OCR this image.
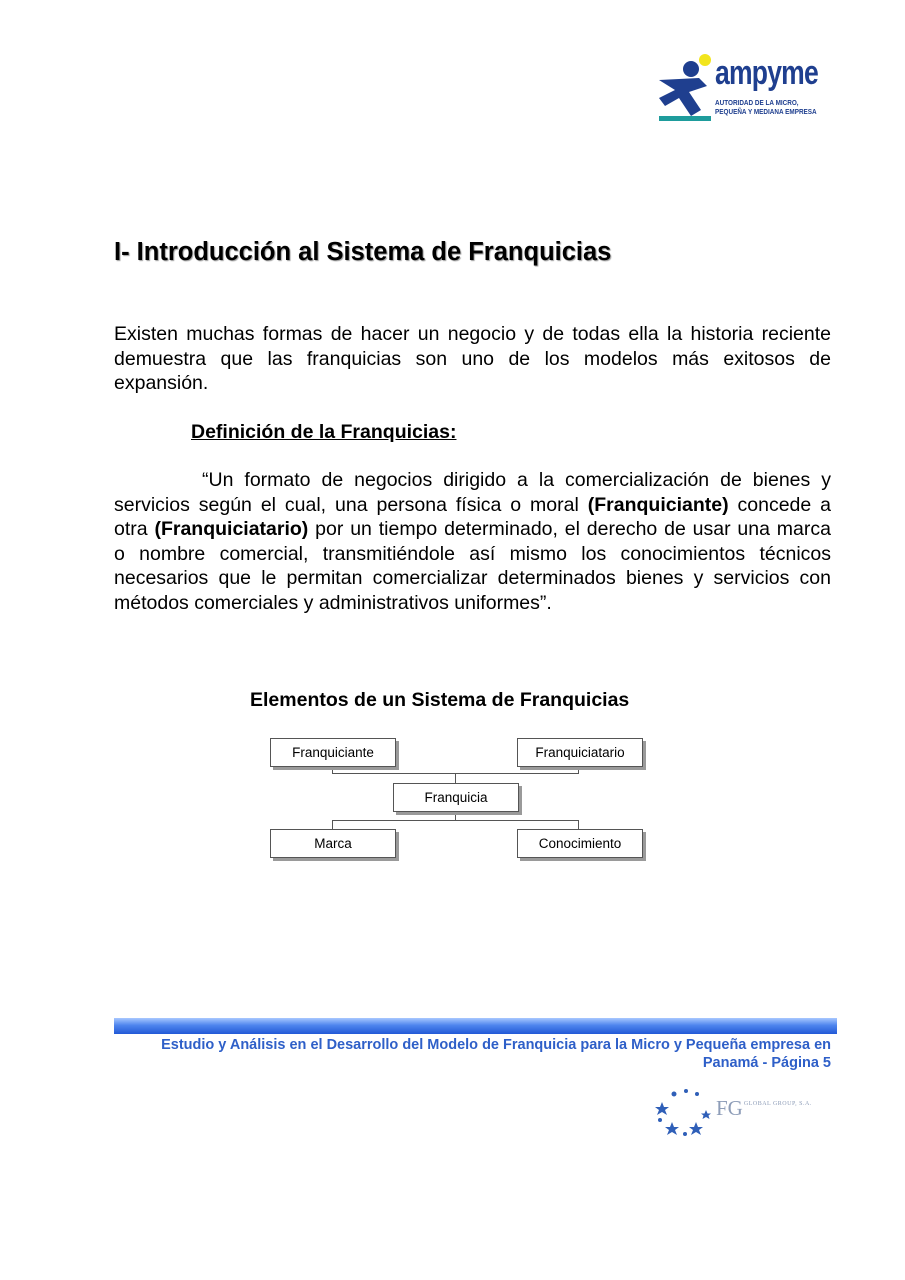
ampyme
AUTORIDAD DE LA MICRO,
PEQUEÑA Y MEDIANA EMPRESA
I- Introducción al Sistema de Franquicias

Existen muchas formas de hacer un negocio y de todas ella la historia reciente demuestra que las franquicias son uno de los modelos más exitosos de expansión.

Definición de la Franquicias:

“Un formato de negocios dirigido a la comercialización de bienes y servicios según el cual, una persona física o moral (Franquiciante) concede a otra (Franquiciatario) por un tiempo determinado, el derecho de usar una marca o nombre comercial, transmitiéndole así mismo los conocimientos técnicos necesarios que le permitan comercializar determinados bienes y servicios con métodos comerciales y administrativos uniformes”.

Elementos de un Sistema de Franquicias
Franquiciante	Franquiciatario
Franquicia
Marca	Conocimiento
Estudio y Análisis en el Desarrollo del Modelo de Franquicia para la Micro y Pequeña empresa en
Panamá - Página 5
$FG^{GLOBAL GROUP, S.A.}$
